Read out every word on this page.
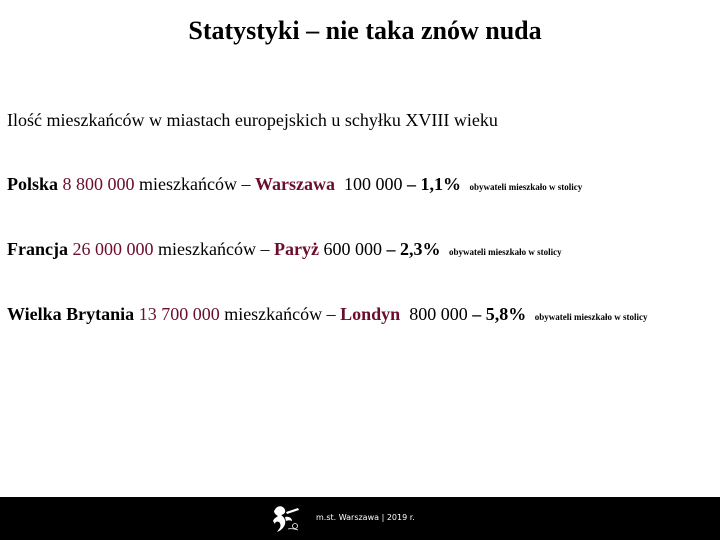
Statystyki – nie taka znów nuda
Ilość mieszkańców w miastach europejskich u schyłku XVIII wieku
Polska 8 800 000 mieszkańców – Warszawa 100 000 – 1,1% obywateli mieszkało w stolicy
Francja 26 000 000 mieszkańców – Paryż 600 000 – 2,3% obywateli mieszkało w stolicy
Wielka Brytania 13 700 000 mieszkańców – Londyn 800 000 – 5,8% obywateli mieszkało w stolicy
m.st. Warszawa | 2019 r.
